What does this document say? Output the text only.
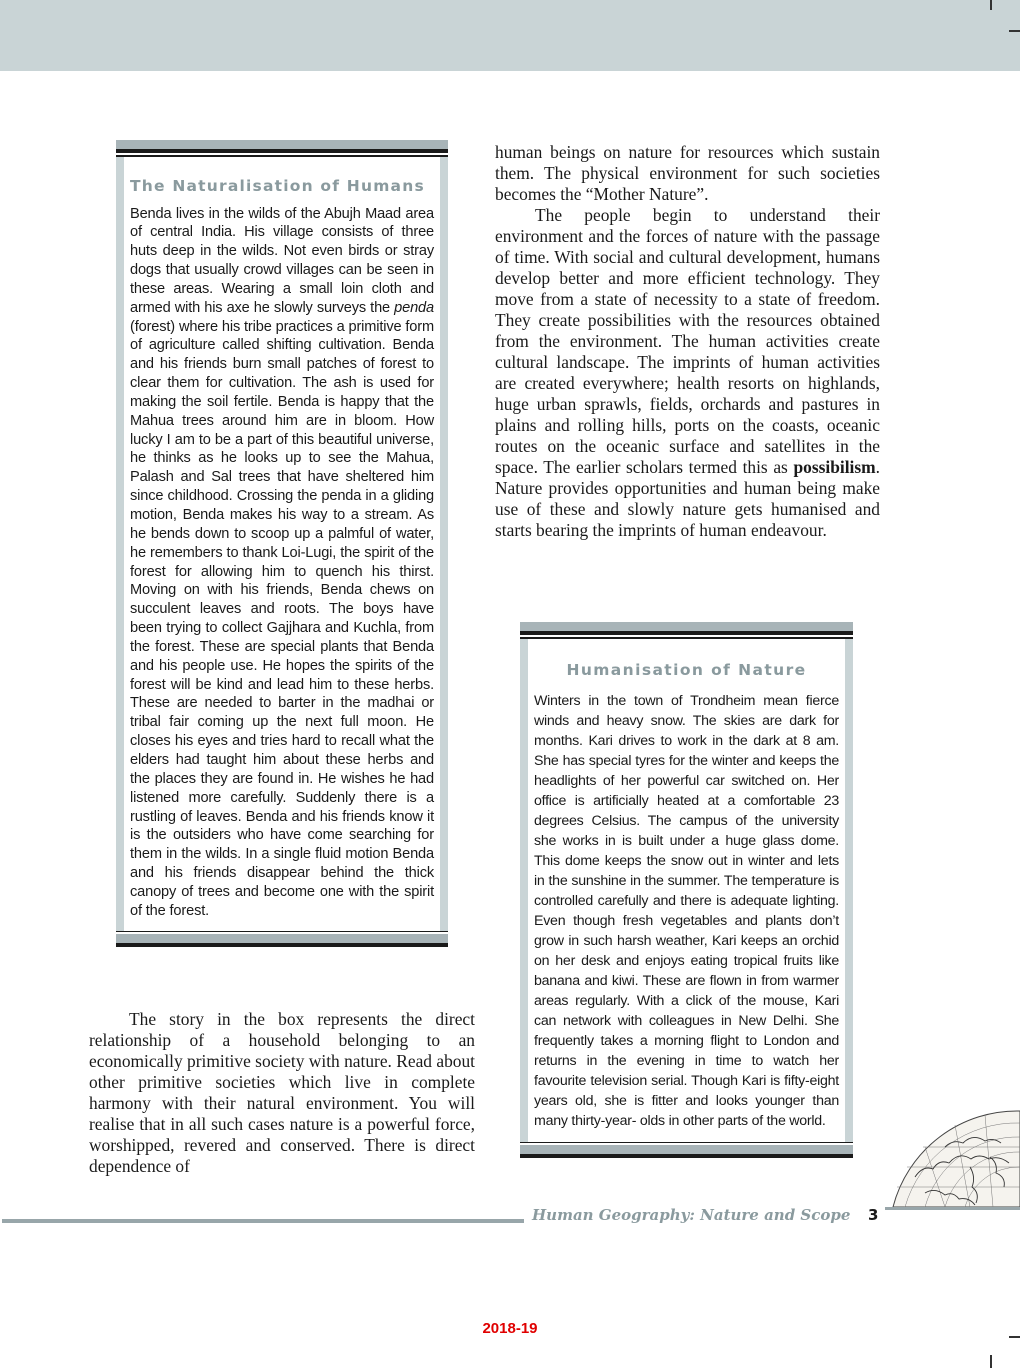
The Naturalisation of Humans
Benda lives in the wilds of the Abujh Maad area of central India. His village consists of three huts deep in the wilds. Not even birds or stray dogs that usually crowd villages can be seen in these areas. Wearing a small loin cloth and armed with his axe he slowly surveys the penda (forest) where his tribe practices a primitive form of agriculture called shifting cultivation. Benda and his friends burn small patches of forest to clear them for cultivation. The ash is used for making the soil fertile. Benda is happy that the Mahua trees around him are in bloom. How lucky I am to be a part of this beautiful universe, he thinks as he looks up to see the Mahua, Palash and Sal trees that have sheltered him since childhood. Crossing the penda in a gliding motion, Benda makes his way to a stream. As he bends down to scoop up a palmful of water, he remembers to thank Loi-Lugi, the spirit of the forest for allowing him to quench his thirst. Moving on with his friends, Benda chews on succulent leaves and roots. The boys have been trying to collect Gajjhara and Kuchla, from the forest. These are special plants that Benda and his people use. He hopes the spirits of the forest will be kind and lead him to these herbs. These are needed to barter in the madhai or tribal fair coming up the next full moon. He closes his eyes and tries hard to recall what the elders had taught him about these herbs and the places they are found in. He wishes he had listened more carefully. Suddenly there is a rustling of leaves. Benda and his friends know it is the outsiders who have come searching for them in the wilds. In a single fluid motion Benda and his friends disappear behind the thick canopy of trees and become one with the spirit of the forest.

human beings on nature for resources which sustain them. The physical environment for such societies becomes the “Mother Nature”.

The people begin to understand their environment and the forces of nature with the passage of time. With social and cultural development, humans develop better and more efficient technology. They move from a state of necessity to a state of freedom. They create possibilities with the resources obtained from the environment. The human activities create cultural landscape. The imprints of human activities are created everywhere; health resorts on highlands, huge urban sprawls, fields, orchards and pastures in plains and rolling hills, ports on the coasts, oceanic routes on the oceanic surface and satellites in the space. The earlier scholars termed this as possibilism. Nature provides opportunities and human being make use of these and slowly nature gets humanised and starts bearing the imprints of human endeavour.

Humanisation of Nature
Winters in the town of Trondheim mean fierce winds and heavy snow. The skies are dark for months. Kari drives to work in the dark at 8 am. She has special tyres for the winter and keeps the headlights of her powerful car switched on. Her office is artificially heated at a comfortable 23 degrees Celsius. The campus of the university she works in is built under a huge glass dome. This dome keeps the snow out in winter and lets in the sunshine in the summer. The temperature is controlled carefully and there is adequate lighting. Even though fresh vegetables and plants don’t grow in such harsh weather, Kari keeps an orchid on her desk and enjoys eating tropical fruits like banana and kiwi. These are flown in from warmer areas regularly. With a click of the mouse, Kari can network with colleagues in New Delhi. She frequently takes a morning flight to London and returns in the evening in time to watch her favourite television serial. Though Kari is fifty-eight years old, she is fitter and looks younger than many thirty-year- olds in other parts of the world.

The story in the box represents the direct relationship of a household belonging to an economically primitive society with nature. Read about other primitive societies which live in complete harmony with their natural environment. You will realise that in all such cases nature is a powerful force, worshipped, revered and conserved. There is direct dependence of

Human Geography: Nature and Scope 3
2018-19
